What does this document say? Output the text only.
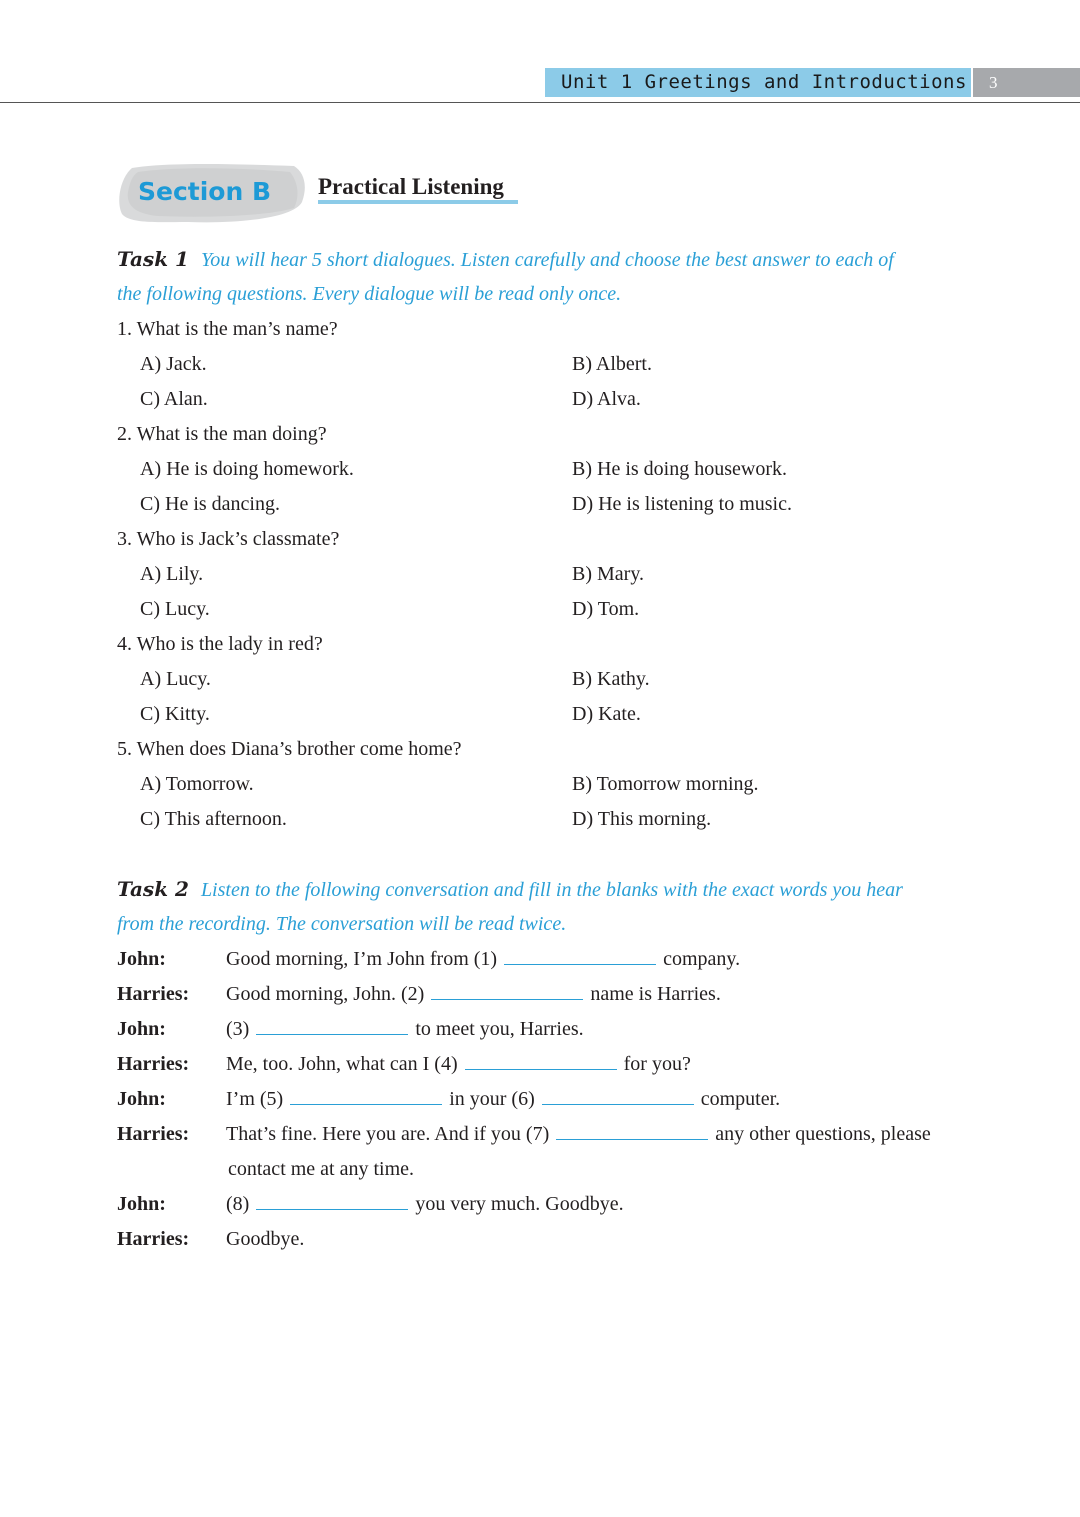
Unit 1 Greetings and Introductions	3
Section B Practical Listening
Task 1 You will hear 5 short dialogues. Listen carefully and choose the best answer to each of
the following questions. Every dialogue will be read only once.
1. What is the man’s name?
A) Jack.	B) Albert.
C) Alan.	D) Alva.
2. What is the man doing?
A) He is doing homework.	B) He is doing housework.
C) He is dancing.	D) He is listening to music.
3. Who is Jack’s classmate?
A) Lily.	B) Mary.
C) Lucy.	D) Tom.
4. Who is the lady in red?
A) Lucy.	B) Kathy.
C) Kitty.	D) Kate.
5. When does Diana’s brother come home?
A) Tomorrow.	B) Tomorrow morning.
C) This afternoon.	D) This morning.
Task 2 Listen to the following conversation and fill in the blanks with the exact words you hear
from the recording. The conversation will be read twice.
John:	Good morning, I’m John from (1)	company.
Harries: Good morning, John. (2)	name is Harries.
John:	(3)	to meet you, Harries.
Harries: Me, too. John, what can I (4)	for you?
John:	I’m (5)	in your (6)	computer.
Harries: That’s fine. Here you are. And if you (7)	any other questions, please
contact me at any time.
John:	(8)	you very much. Goodbye.
Harries: Goodbye.
